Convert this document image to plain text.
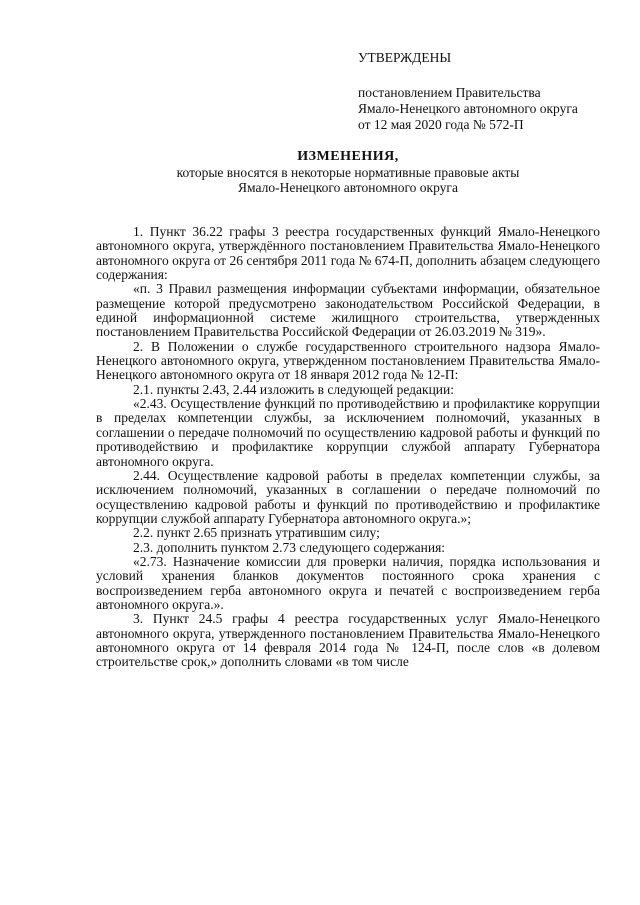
УТВЕРЖДЕНЫ

постановлением Правительства

Ямало-Ненецкого автономного округа

от 12 мая 2020 года № 572-П

ИЗМЕНЕНИЯ,

которые вносятся в некоторые нормативные правовые акты

Ямало-Ненецкого автономного округа

1. Пункт 36.22 графы 3 реестра государственных функций Ямало-Ненецкого автономного округа, утверждённого постановлением Правительства Ямало-Ненецкого автономного округа от 26 сентября 2011 года № 674-П, дополнить абзацем следующего содержания:

«п. 3 Правил размещения информации субъектами информации, обязательное размещение которой предусмотрено законодательством Российской Федерации, в единой информационной системе жилищного строительства, утвержденных постановлением Правительства Российской Федерации от 26.03.2019 № 319».

2. В Положении о службе государственного строительного надзора Ямало-Ненецкого автономного округа, утвержденном постановлением Правительства Ямало-Ненецкого автономного округа от 18 января 2012 года № 12-П:

2.1. пункты 2.43, 2.44 изложить в следующей редакции:

«2.43. Осуществление функций по противодействию и профилактике коррупции в пределах компетенции службы, за исключением полномочий, указанных в соглашении о передаче полномочий по осуществлению кадровой работы и функций по противодействию и профилактике коррупции службой аппарату Губернатора автономного округа.

2.44. Осуществление кадровой работы в пределах компетенции службы, за исключением полномочий, указанных в соглашении о передаче полномочий по осуществлению кадровой работы и функций по противодействию и профилактике коррупции службой аппарату Губернатора автономного округа.»;

2.2. пункт 2.65 признать утратившим силу;

2.3. дополнить пунктом 2.73 следующего содержания:

«2.73. Назначение комиссии для проверки наличия, порядка использования и условий хранения бланков документов постоянного срока хранения с воспроизведением герба автономного округа и печатей с воспроизведением герба автономного округа.».

3. Пункт 24.5 графы 4 реестра государственных услуг Ямало-Ненецкого автономного округа, утвержденного постановлением Правительства Ямало-Ненецкого автономного округа от 14 февраля 2014 года № 124-П, после слов «в долевом строительстве срок,» дополнить словами «в том числе
